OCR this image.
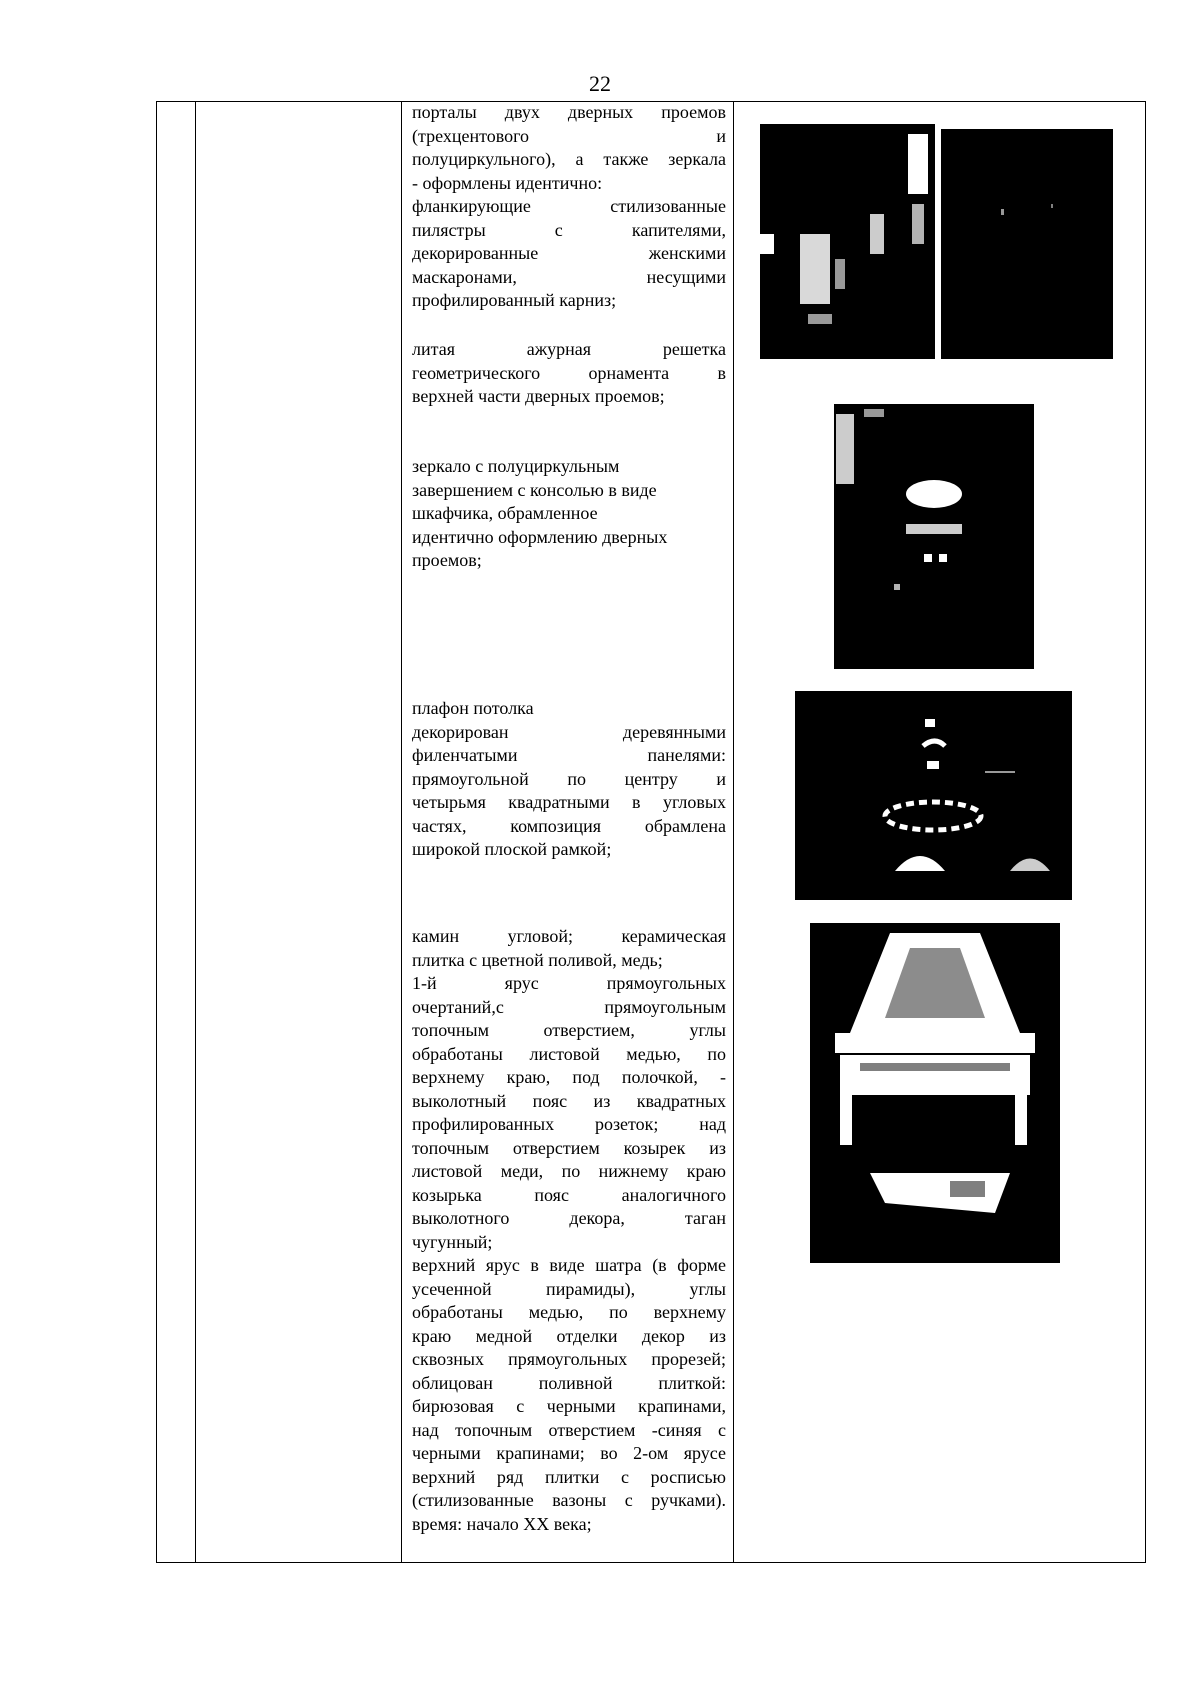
22

порталы двух дверных проемов

(трехцентового и

полуциркульного), а также зеркала

- оформлены идентично:

фланкирующие стилизованные

пилястры с капителями,

декорированные женскими

маскаронами, несущими

профилированный карниз;

литая ажурная решетка

геометрического орнамента в

верхней части дверных проемов;

зеркало с полуциркульным

завершением с консолью в виде

шкафчика, обрамленное

идентично оформлению дверных

проемов;

плафон потолка

декорирован деревянными

филенчатыми панелями:

прямоугольной по центру и

четырьмя квадратными в угловых

частях, композиция обрамлена

широкой плоской рамкой;

камин угловой; керамическая

плитка с цветной поливой, медь;

1-й ярус прямоугольных

очертаний,с прямоугольным

топочным отверстием, углы

обработаны листовой медью, по

верхнему краю, под полочкой, -

выколотный пояс из квадратных

профилированных розеток; над

топочным отверстием козырек из

листовой меди, по нижнему краю

козырька пояс аналогичного

выколотного декора, таган

чугунный;

верхний ярус в виде шатра (в форме

усеченной пирамиды), углы

обработаны медью, по верхнему

краю медной отделки декор из

сквозных прямоугольных прорезей;

облицован поливной плиткой:

бирюзовая с черными крапинами,

над топочным отверстием -синяя с

черными крапинами; во 2-ом ярусе

верхний ряд плитки с росписью

(стилизованные вазоны с ручками).

время: начало XX века;
